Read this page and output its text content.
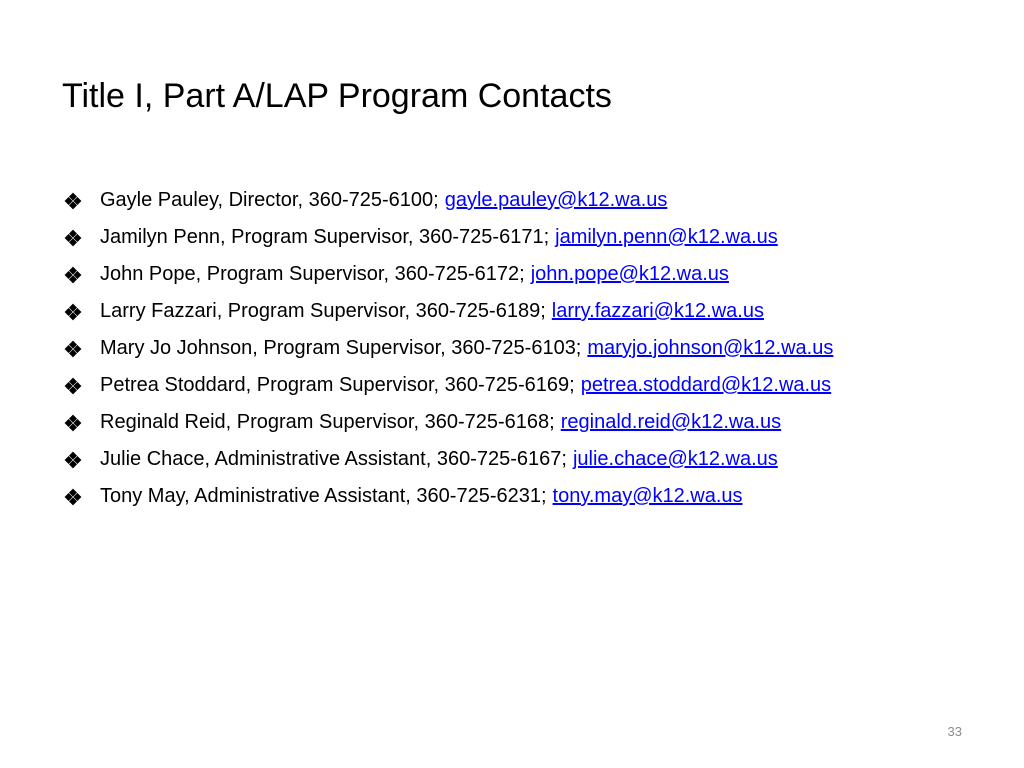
Title I, Part A/LAP Program Contacts
Gayle Pauley, Director, 360-725-6100; gayle.pauley@k12.wa.us
Jamilyn Penn, Program Supervisor, 360-725-6171; jamilyn.penn@k12.wa.us
John Pope, Program Supervisor, 360-725-6172; john.pope@k12.wa.us
Larry Fazzari, Program Supervisor, 360-725-6189; larry.fazzari@k12.wa.us
Mary Jo Johnson, Program Supervisor, 360-725-6103; maryjo.johnson@k12.wa.us
Petrea Stoddard, Program Supervisor, 360-725-6169; petrea.stoddard@k12.wa.us
Reginald Reid, Program Supervisor, 360-725-6168; reginald.reid@k12.wa.us
Julie Chace, Administrative Assistant, 360-725-6167; julie.chace@k12.wa.us
Tony May, Administrative Assistant, 360-725-6231; tony.may@k12.wa.us
33
